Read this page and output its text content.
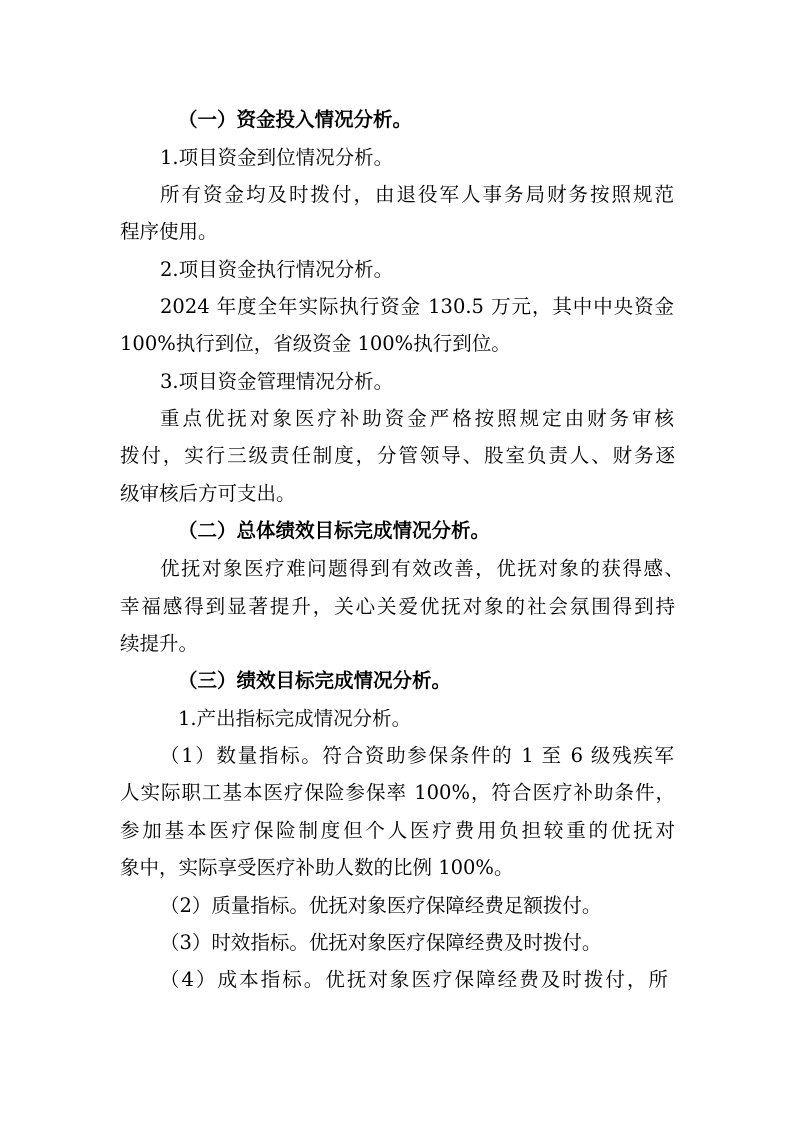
（一）资金投入情况分析。
1.项目资金到位情况分析。
所有资金均及时拨付，由退役军人事务局财务按照规范
程序使用。
2.项目资金执行情况分析。
2024 年度全年实际执行资金 130.5 万元，其中中央资金
100%执行到位，省级资金 100%执行到位。
3.项目资金管理情况分析。
重点优抚对象医疗补助资金严格按照规定由财务审核
拨付，实行三级责任制度，分管领导、股室负责人、财务逐
级审核后方可支出。
（二）总体绩效目标完成情况分析。
优抚对象医疗难问题得到有效改善，优抚对象的获得感、
幸福感得到显著提升，关心关爱优抚对象的社会氛围得到持
续提升。
（三）绩效目标完成情况分析。
1.产出指标完成情况分析。
（1）数量指标。符合资助参保条件的 1 至 6 级残疾军
人实际职工基本医疗保险参保率 100%，符合医疗补助条件，
参加基本医疗保险制度但个人医疗费用负担较重的优抚对
象中，实际享受医疗补助人数的比例 100%。
（2）质量指标。优抚对象医疗保障经费足额拨付。
（3）时效指标。优抚对象医疗保障经费及时拨付。
（4）成本指标。优抚对象医疗保障经费及时拨付，所
